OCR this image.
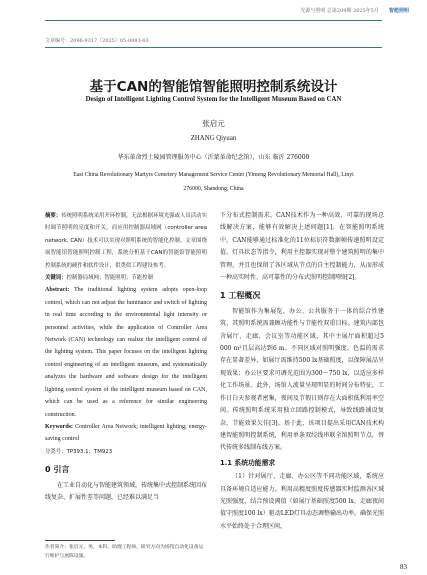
光源与照明 总第204期 2025年5月 智能照明
文章编号：2096-9317（2025）05-0083-03
基于CAN的智能馆智能照明控制系统设计
Design of Intelligent Lighting Control System for the Intelligent Museum Based on CAN
张启元
ZHANG Qiyuan
华东革命烈士陵园管理服务中心（沂蒙革命纪念馆），山东 临沂 276000
East China Revolutionary Martyrs Cemetery Management Service Center (Yimeng Revolutionary Memorial Hall), Linyi 276000, Shandong, China

摘要：传统照明系统采用开环控制，无法根据环境光强或人员活动实时调节照明的亮度和开关，而应用控制器局域网（controller area network, CAN）技术可以实现对照明系统的智能化控制。文章围绕展智能馆智能照明控制工程，系统分析基于CAN的智能馆智能照明控制系统的硬件和软件设计，供类似工程建设参考。

关键词：控制器局域网；智能照明；节能控制

Abstract: The traditional lighting system adopts open-loop control, which can not adjust the luminance and switch of lighting in real time according to the environmental light intensity or personnel activities, while the application of Controller Area Network (CAN) technology can realize the intelligent control of the lighting system. This paper focuses on the intelligent lighting control engineering of an intelligent museum, and systematically analyzes the hardware and software design for the intelligent lighting control system of the intelligent museum based on CAN, which can be used as a reference for similar engineering construction.

Keywords: Controller Area Network; intelligent lighting; energy-saving control

分类号：TP393.1；TM923

0 引言

在工业自动化与智能建筑领域，传统集中式控制系统因布线复杂、扩展性差等问题，已经难以满足当

下分布式控制需求，CAN技术作为一种高效、可靠的现场总线解决方案，能够有效解决上述问题[1]。在智能照明系统中，CAN能够通过标准化的11位标识符数据帧传递照明设定值，灯具状态等指令，利用主控器实现对整个建筑照明的集中管理，并且也保留了各区域从节点的自主控制能力，从而形成一种高实时性、高可靠性的分布式照明控制网络[2]。

1 工程概况

智能馆作为集展览、办公、公共服务于一体的综合性建筑，其照明系统需兼顾功能性与节能性双重目标。建筑内部包含展厅、走廊、会议室等功能区域，其中主展厅面积超过5 000 m²且层高达到6 m。不同区域对照明强度、色温的需求存在显著差异，如展厅需维持500 lx基础照度，以保障展品呈现效果；办公区要求可调光范围为300～750 lx，以适应多样化工作场景。此外，场馆人流量呈现明显的时间分布特征，工作日白天参观者密集，夜间及节假日则存在大面积低利用率空间。传统照明系统采用独立回路控制模式，导致线路铺设复杂，节能效果欠佳[3]。基于此，该项目提出采用CAN技术构建智能照明控制系统，利用单条双绞线串联全馆照明节点，替代传统多线制布线方案。

1.1 系统功能需求

（1）针对展厅、走廊、办公区等不同功能区域，系统应具备环境自适应能力。利用高精度照度传感器实时监测各区域光照强度，结合预设阈值（如展厅基础照度500 lx、走廊夜间值守照度100 lx）驱动LED灯具动态调整输出功率，确保光照水平始终处于合理区间，

作者简介：张启元，男，本科，助理工程师，研究方向为场馆自动化设备运行维护与展陈设施。
83
